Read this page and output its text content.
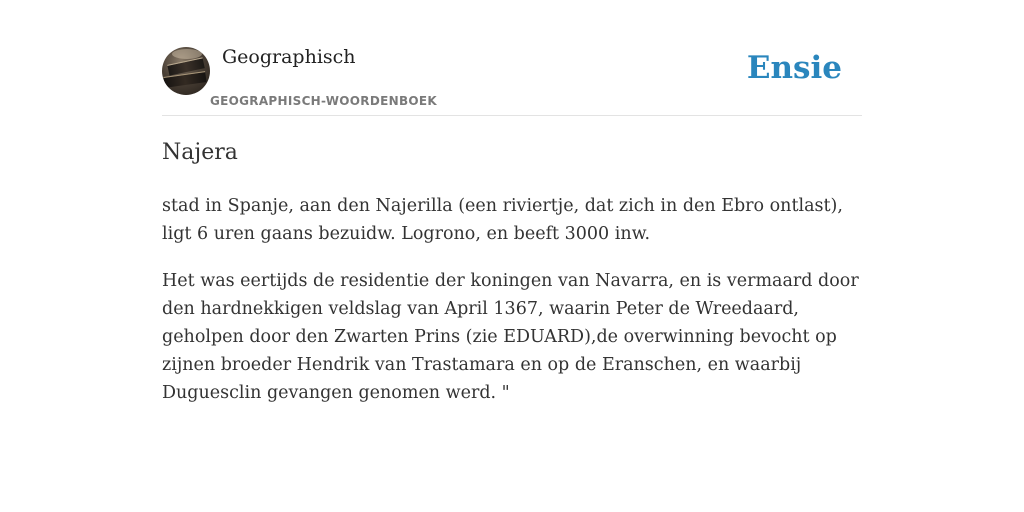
Geographisch
GEOGRAPHISCH-WOORDENBOEK
Ensie
Najera

stad in Spanje, aan den Najerilla (een riviertje, dat zich in den Ebro ontlast), ligt 6 uren gaans bezuidw. Logrono, en beeft 3000 inw.

Het was eertijds de residentie der koningen van Navarra, en is vermaard door den hardnekkigen veldslag van April 1367, waarin Peter de Wreedaard, geholpen door den Zwarten Prins (zie EDUARD),de overwinning bevocht op zijnen broeder Hendrik van Trastamara en op de Eranschen, en waarbij Duguesclin gevangen genomen werd. "
